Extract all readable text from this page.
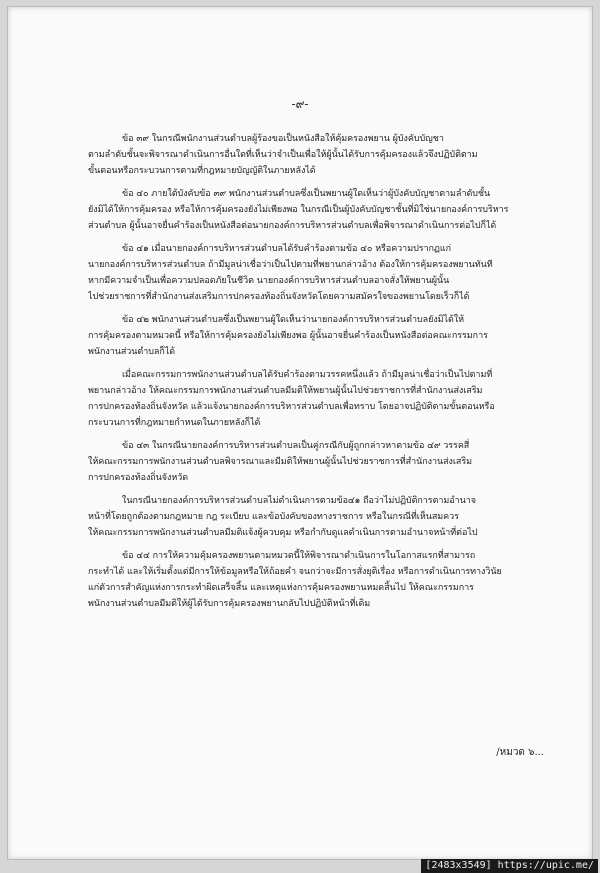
-๙-
ข้อ ๓๙ ในกรณีพนักงานส่วนตำบลผู้ร้องขอเป็นหนังสือให้คุ้มครองพยาน ผู้บังคับบัญชา
ตามลำดับชั้นจะพิจารณาดำเนินการอื่นใดที่เห็นว่าจำเป็นเพื่อให้ผู้นั้นได้รับการคุ้มครองแล้วจึงปฏิบัติตาม
ขั้นตอนหรือกระบวนการตามที่กฎหมายบัญญัติในภายหลังได้
ข้อ ๔๐ ภายใต้บังคับข้อ ๓๙ พนักงานส่วนตำบลซึ่งเป็นพยานผู้ใดเห็นว่าผู้บังคับบัญชาตามลำดับชั้น
ยังมิได้ให้การคุ้มครอง หรือให้การคุ้มครองยังไม่เพียงพอ ในกรณีเป็นผู้บังคับบัญชาชั้นที่มิใช่นายกองค์การบริหาร
ส่วนตำบล ผู้นั้นอาจยื่นคำร้องเป็นหนังสือต่อนายกองค์การบริหารส่วนตำบลเพื่อพิจารณาดำเนินการต่อไปก็ได้
ข้อ ๔๑ เมื่อนายกองค์การบริหารส่วนตำบลได้รับคำร้องตามข้อ ๔๐ หรือความปรากฏแก่
นายกองค์การบริหารส่วนตำบล ถ้ามีมูลน่าเชื่อว่าเป็นไปตามที่พยานกล่าวอ้าง ต้องให้การคุ้มครองพยานทันที
หากมีความจำเป็นเพื่อความปลอดภัยในชีวิต นายกองค์การบริหารส่วนตำบลอาจสั่งให้พยานผู้นั้น
ไปช่วยราชการที่สำนักงานส่งเสริมการปกครองท้องถิ่นจังหวัดโดยความสมัครใจของพยานโดยเร็วก็ได้
ข้อ ๔๒ พนักงานส่วนตำบลซึ่งเป็นพยานผู้ใดเห็นว่านายกองค์การบริหารส่วนตำบลยังมิได้ให้
การคุ้มครองตามหมวดนี้ หรือให้การคุ้มครองยังไม่เพียงพอ ผู้นั้นอาจยื่นคำร้องเป็นหนังสือต่อคณะกรรมการ
พนักงานส่วนตำบลก็ได้
เมื่อคณะกรรมการพนักงานส่วนตำบลได้รับคำร้องตามวรรคหนึ่งแล้ว ถ้ามีมูลน่าเชื่อว่าเป็นไปตามที่
พยานกล่าวอ้าง ให้คณะกรรมการพนักงานส่วนตำบลมีมติให้พยานผู้นั้นไปช่วยราชการที่สำนักงานส่งเสริม
การปกครองท้องถิ่นจังหวัด แล้วแจ้งนายกองค์การบริหารส่วนตำบลเพื่อทราบ โดยอาจปฏิบัติตามขั้นตอนหรือ
กระบวนการที่กฎหมายกำหนดในภายหลังก็ได้
ข้อ ๔๓ ในกรณีนายกองค์การบริหารส่วนตำบลเป็นคู่กรณีกับผู้ถูกกล่าวหาตามข้อ ๔๙ วรรคสี่
ให้คณะกรรมการพนักงานส่วนตำบลพิจารณาและมีมติให้พยานผู้นั้นไปช่วยราชการที่สำนักงานส่งเสริม
การปกครองท้องถิ่นจังหวัด
ในกรณีนายกองค์การบริหารส่วนตำบลไม่ดำเนินการตามข้อ๔๑ ถือว่าไม่ปฏิบัติการตามอำนาจ
หน้าที่โดยถูกต้องตามกฎหมาย กฎ ระเบียบ และข้อบังคับของทางราชการ หรือในกรณีที่เห็นสมควร
ให้คณะกรรมการพนักงานส่วนตำบลมีมติแจ้งผู้ควบคุม หรือกำกับดูแลดำเนินการตามอำนาจหน้าที่ต่อไป
ข้อ ๔๔ การให้ความคุ้มครองพยานตามหมวดนี้ให้พิจารณาดำเนินการในโอกาสแรกที่สามารถ
กระทำได้ และให้เริ่มตั้งแต่มีการให้ข้อมูลหรือให้ถ้อยคำ จนกว่าจะมีการสั่งยุติเรื่อง หรือการดำเนินการทางวินัย
แก่ตัวการสำคัญแห่งการกระทำผิดเสร็จสิ้น และเหตุแห่งการคุ้มครองพยานหมดสิ้นไป ให้คณะกรรมการ
พนักงานส่วนตำบลมีมติให้ผู้ได้รับการคุ้มครองพยานกลับไปปฏิบัติหน้าที่เดิม
/หมวด ๖...
[2483x3549] https://upic.me/
